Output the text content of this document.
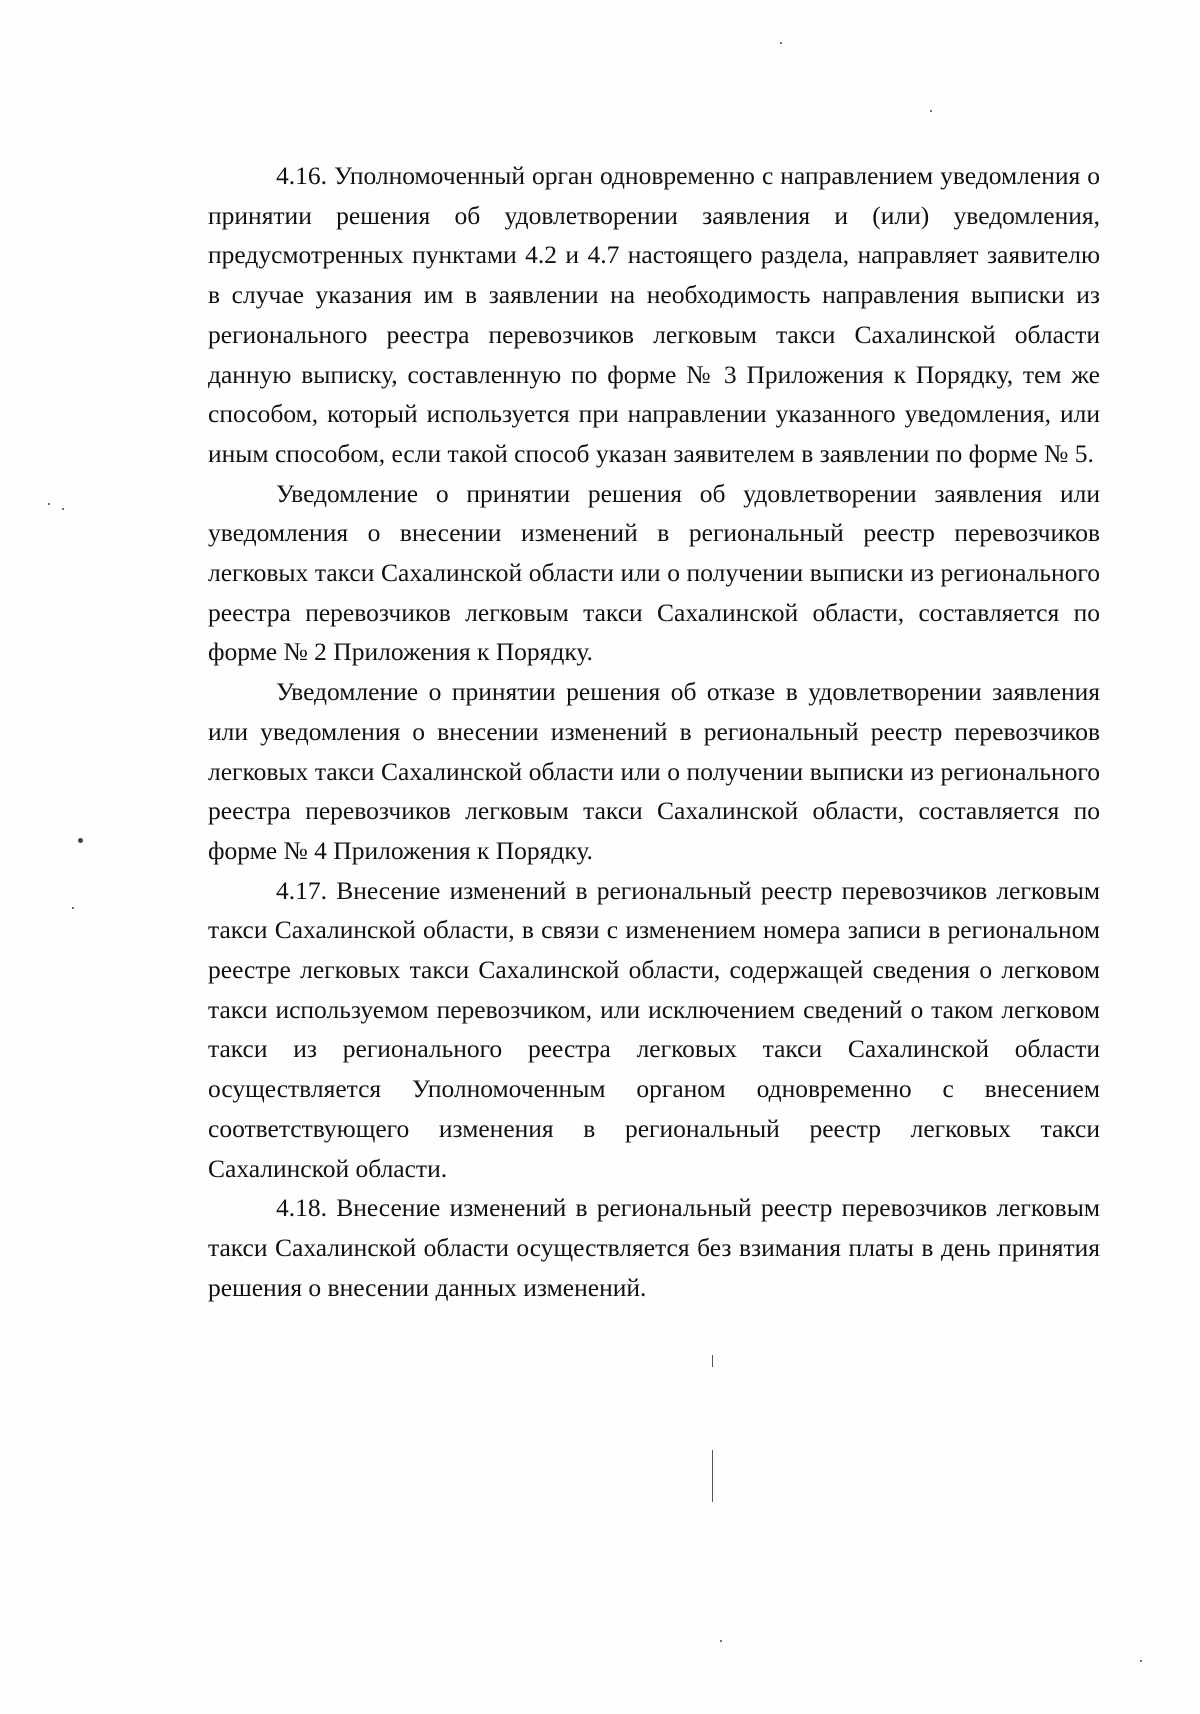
4.16. Уполномоченный орган одновременно с направлением уведомления о принятии решения об удовлетворении заявления и (или) уведомления, предусмотренных пунктами 4.2 и 4.7 настоящего раздела, направляет заявителю в случае указания им в заявлении на необходимость направления выписки из регионального реестра перевозчиков легковым такси Сахалинской области данную выписку, составленную по форме № 3 Приложения к Порядку, тем же способом, который используется при направлении указанного уведомления, или иным способом, если такой способ указан заявителем в заявлении по форме № 5.

Уведомление о принятии решения об удовлетворении заявления или уведомления о внесении изменений в региональный реестр перевозчиков легковых такси Сахалинской области или о получении выписки из регионального реестра перевозчиков легковым такси Сахалинской области, составляется по форме № 2 Приложения к Порядку.

Уведомление о принятии решения об отказе в удовлетворении заявления или уведомления о внесении изменений в региональный реестр перевозчиков легковых такси Сахалинской области или о получении выписки из регионального реестра перевозчиков легковым такси Сахалинской области, составляется по форме № 4 Приложения к Порядку.

4.17. Внесение изменений в региональный реестр перевозчиков легковым такси Сахалинской области, в связи с изменением номера записи в региональном реестре легковых такси Сахалинской области, содержащей сведения о легковом такси используемом перевозчиком, или исключением сведений о таком легковом такси из регионального реестра легковых такси Сахалинской области осуществляется Уполномоченным органом одновременно с внесением соответствующего изменения в региональный реестр легковых такси Сахалинской области.

4.18. Внесение изменений в региональный реестр перевозчиков легковым такси Сахалинской области осуществляется без взимания платы в день принятия решения о внесении данных изменений.
